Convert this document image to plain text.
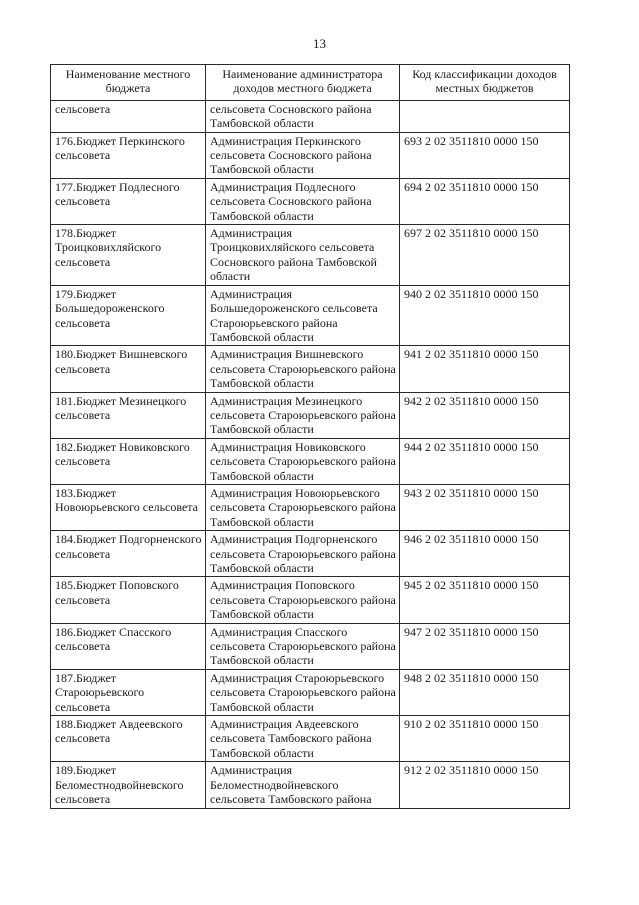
13
Наименование местного бюджета	Наименование администратора доходов местного бюджета	Код классификации доходов местных бюджетов
сельсовета	сельсовета Сосновского района Тамбовской области	
176.Бюджет Перкинского сельсовета	Администрация Перкинского сельсовета Сосновского района Тамбовской области	693 2 02 3511810 0000 150
177.Бюджет Подлесного сельсовета	Администрация Подлесного сельсовета Сосновского района Тамбовской области	694 2 02 3511810 0000 150
178.Бюджет Троицковихляйского сельсовета	Администрация Троицковихляйского сельсовета Сосновского района Тамбовской области	697 2 02 3511810 0000 150
179.Бюджет Большедороженского сельсовета	Администрация Большедороженского сельсовета Староюрьевского района Тамбовской области	940 2 02 3511810 0000 150
180.Бюджет Вишневского сельсовета	Администрация Вишневского сельсовета Староюрьевского района Тамбовской области	941 2 02 3511810 0000 150
181.Бюджет Мезинецкого сельсовета	Администрация Мезинецкого сельсовета Староюрьевского района Тамбовской области	942 2 02 3511810 0000 150
182.Бюджет Новиковского сельсовета	Администрация Новиковского сельсовета Староюрьевского района Тамбовской области	944 2 02 3511810 0000 150
183.Бюджет Новоюрьевского сельсовета	Администрация Новоюрьевского сельсовета Староюрьевского района Тамбовской области	943 2 02 3511810 0000 150
184.Бюджет Подгорненского сельсовета	Администрация Подгорненского сельсовета Староюрьевского района Тамбовской области	946 2 02 3511810 0000 150
185.Бюджет Поповского сельсовета	Администрация Поповского сельсовета Староюрьевского района Тамбовской области	945 2 02 3511810 0000 150
186.Бюджет Спасского сельсовета	Администрация Спасского сельсовета Староюрьевского района Тамбовской области	947 2 02 3511810 0000 150
187.Бюджет Староюрьевского сельсовета	Администрация Староюрьевского сельсовета Староюрьевского района Тамбовской области	948 2 02 3511810 0000 150
188.Бюджет Авдеевского сельсовета	Администрация Авдеевского сельсовета Тамбовского района Тамбовской области	910 2 02 3511810 0000 150
189.Бюджет Беломестнодвойневского сельсовета	Администрация Беломестнодвойневского сельсовета Тамбовского района	912 2 02 3511810 0000 150
